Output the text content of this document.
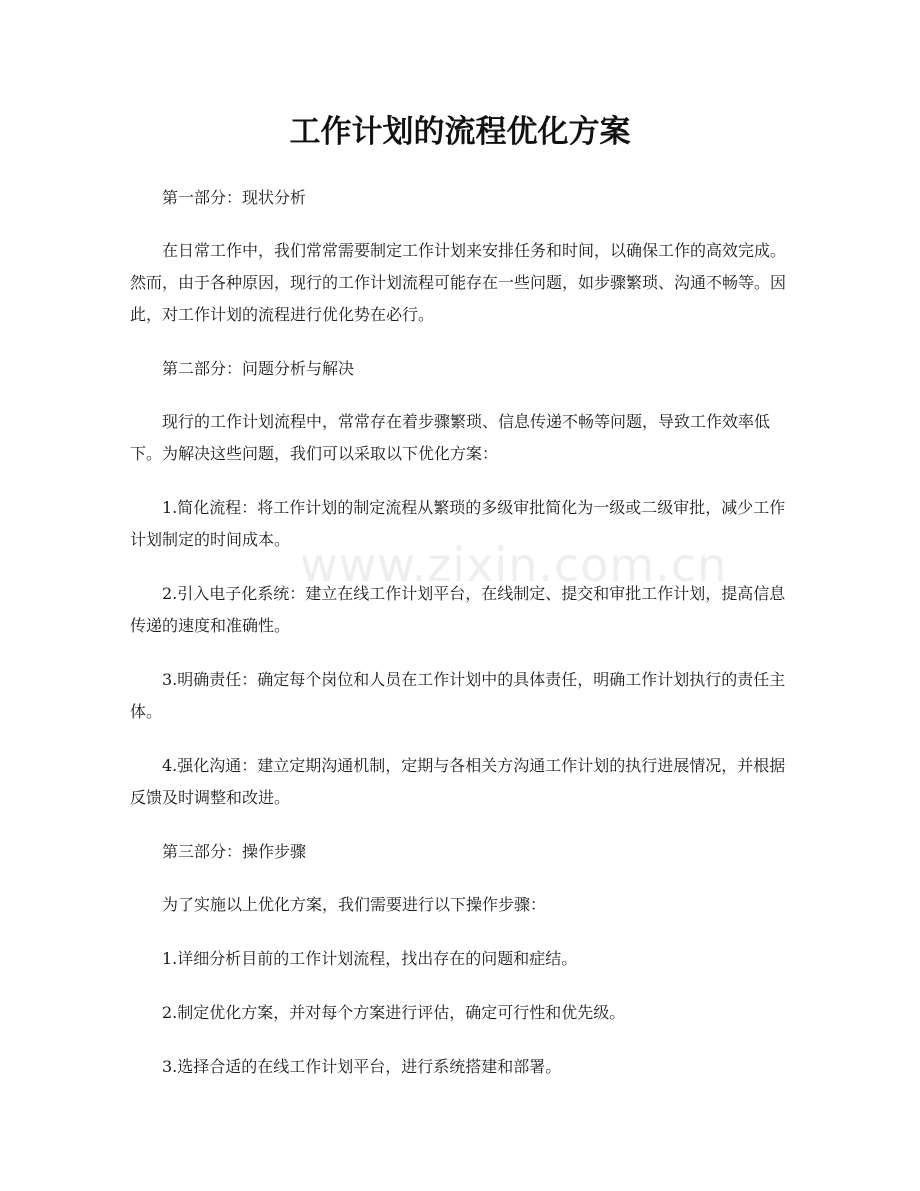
www.zixin.com.cn
工作计划的流程优化方案

第一部分：现状分析

在日常工作中，我们常常需要制定工作计划来安排任务和时间，以确保工作的高效完成。然而，由于各种原因，现行的工作计划流程可能存在一些问题，如步骤繁琐、沟通不畅等。因此，对工作计划的流程进行优化势在必行。

第二部分：问题分析与解决

现行的工作计划流程中，常常存在着步骤繁琐、信息传递不畅等问题，导致工作效率低下。为解决这些问题，我们可以采取以下优化方案：

1.简化流程：将工作计划的制定流程从繁琐的多级审批简化为一级或二级审批，减少工作计划制定的时间成本。

2.引入电子化系统：建立在线工作计划平台，在线制定、提交和审批工作计划，提高信息传递的速度和准确性。

3.明确责任：确定每个岗位和人员在工作计划中的具体责任，明确工作计划执行的责任主体。

4.强化沟通：建立定期沟通机制，定期与各相关方沟通工作计划的执行进展情况，并根据反馈及时调整和改进。

第三部分：操作步骤

为了实施以上优化方案，我们需要进行以下操作步骤：

1.详细分析目前的工作计划流程，找出存在的问题和症结。

2.制定优化方案，并对每个方案进行评估，确定可行性和优先级。

3.选择合适的在线工作计划平台，进行系统搭建和部署。
